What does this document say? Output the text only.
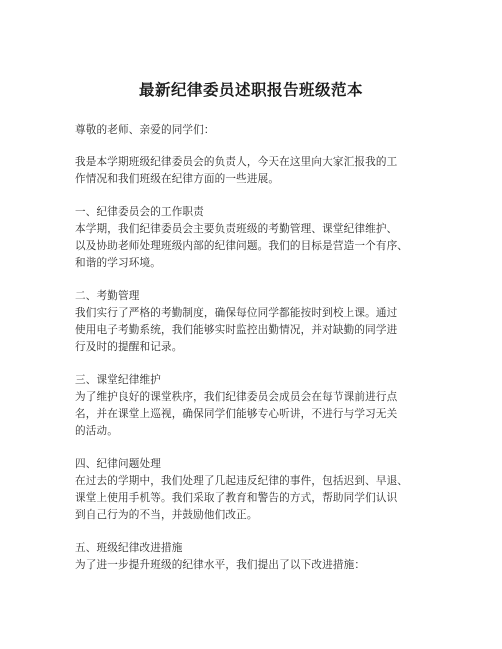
最新纪律委员述职报告班级范本
尊敬的老师、亲爱的同学们：
我是本学期班级纪律委员会的负责人，今天在这里向大家汇报我的工
作情况和我们班级在纪律方面的一些进展。
一、纪律委员会的工作职责
本学期，我们纪律委员会主要负责班级的考勤管理、课堂纪律维护、
以及协助老师处理班级内部的纪律问题。我们的目标是营造一个有序、
和谐的学习环境。
二、考勤管理
我们实行了严格的考勤制度，确保每位同学都能按时到校上课。通过
使用电子考勤系统，我们能够实时监控出勤情况，并对缺勤的同学进
行及时的提醒和记录。
三、课堂纪律维护
为了维护良好的课堂秩序，我们纪律委员会成员会在每节课前进行点
名，并在课堂上巡视，确保同学们能够专心听讲，不进行与学习无关
的活动。
四、纪律问题处理
在过去的学期中，我们处理了几起违反纪律的事件，包括迟到、早退、
课堂上使用手机等。我们采取了教育和警告的方式，帮助同学们认识
到自己行为的不当，并鼓励他们改正。
五、班级纪律改进措施
为了进一步提升班级的纪律水平，我们提出了以下改进措施：
